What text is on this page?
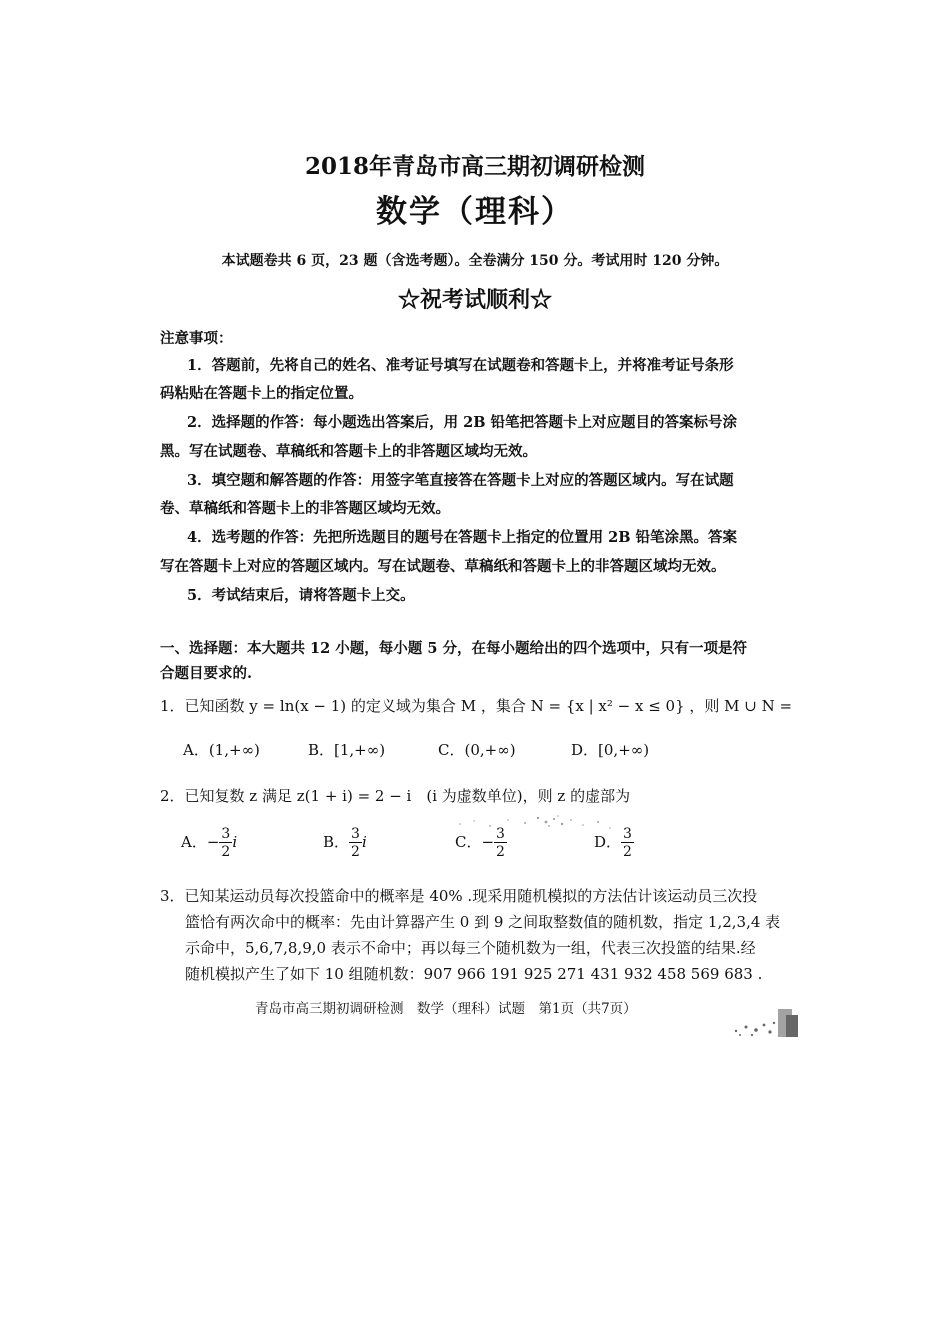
2018年青岛市高三期初调研检测
数学（理科）
本试题卷共 6 页，23 题（含选考题）。全卷满分 150 分。考试用时 120 分钟。
☆祝考试顺利☆
注意事项：
1．答题前，先将自己的姓名、准考证号填写在试题卷和答题卡上，并将准考证号条形
码粘贴在答题卡上的指定位置。
2．选择题的作答：每小题选出答案后，用 2B 铅笔把答题卡上对应题目的答案标号涂
黑。写在试题卷、草稿纸和答题卡上的非答题区域均无效。
3．填空题和解答题的作答：用签字笔直接答在答题卡上对应的答题区域内。写在试题
卷、草稿纸和答题卡上的非答题区域均无效。
4．选考题的作答：先把所选题目的题号在答题卡上指定的位置用 2B 铅笔涂黑。答案
写在答题卡上对应的答题区域内。写在试题卷、草稿纸和答题卡上的非答题区域均无效。
5．考试结束后，请将答题卡上交。
一、选择题：本大题共 12 小题，每小题 5 分，在每小题给出的四个选项中，只有一项是符
合题目要求的.
1．已知函数 y = ln(x − 1) 的定义域为集合 M ，集合 N = {x | x² − x ≤ 0} ，则 M ∪ N =
A．(1,+∞)	B．[1,+∞)	C．(0,+∞)	D．[0,+∞)
2．已知复数 z 满足 z(1 + i) = 2 − i　(i 为虚数单位)，则 z 的虚部为
A．− $\frac{3}{2}$ i	B． $\frac{3}{2}$ i	C．− $\frac{3}{2}$	D． $\frac{3}{2}$
3．已知某运动员每次投篮命中的概率是 40% .现采用随机模拟的方法估计该运动员三次投
篮恰有两次命中的概率：先由计算器产生 0 到 9 之间取整数值的随机数，指定 1,2,3,4 表
示命中，5,6,7,8,9,0 表示不命中；再以每三个随机数为一组，代表三次投篮的结果.经
随机模拟产生了如下 10 组随机数：907 966 191 925 271 431 932 458 569 683 .
青岛市高三期初调研检测　数学（理科）试题　第1页（共7页）
